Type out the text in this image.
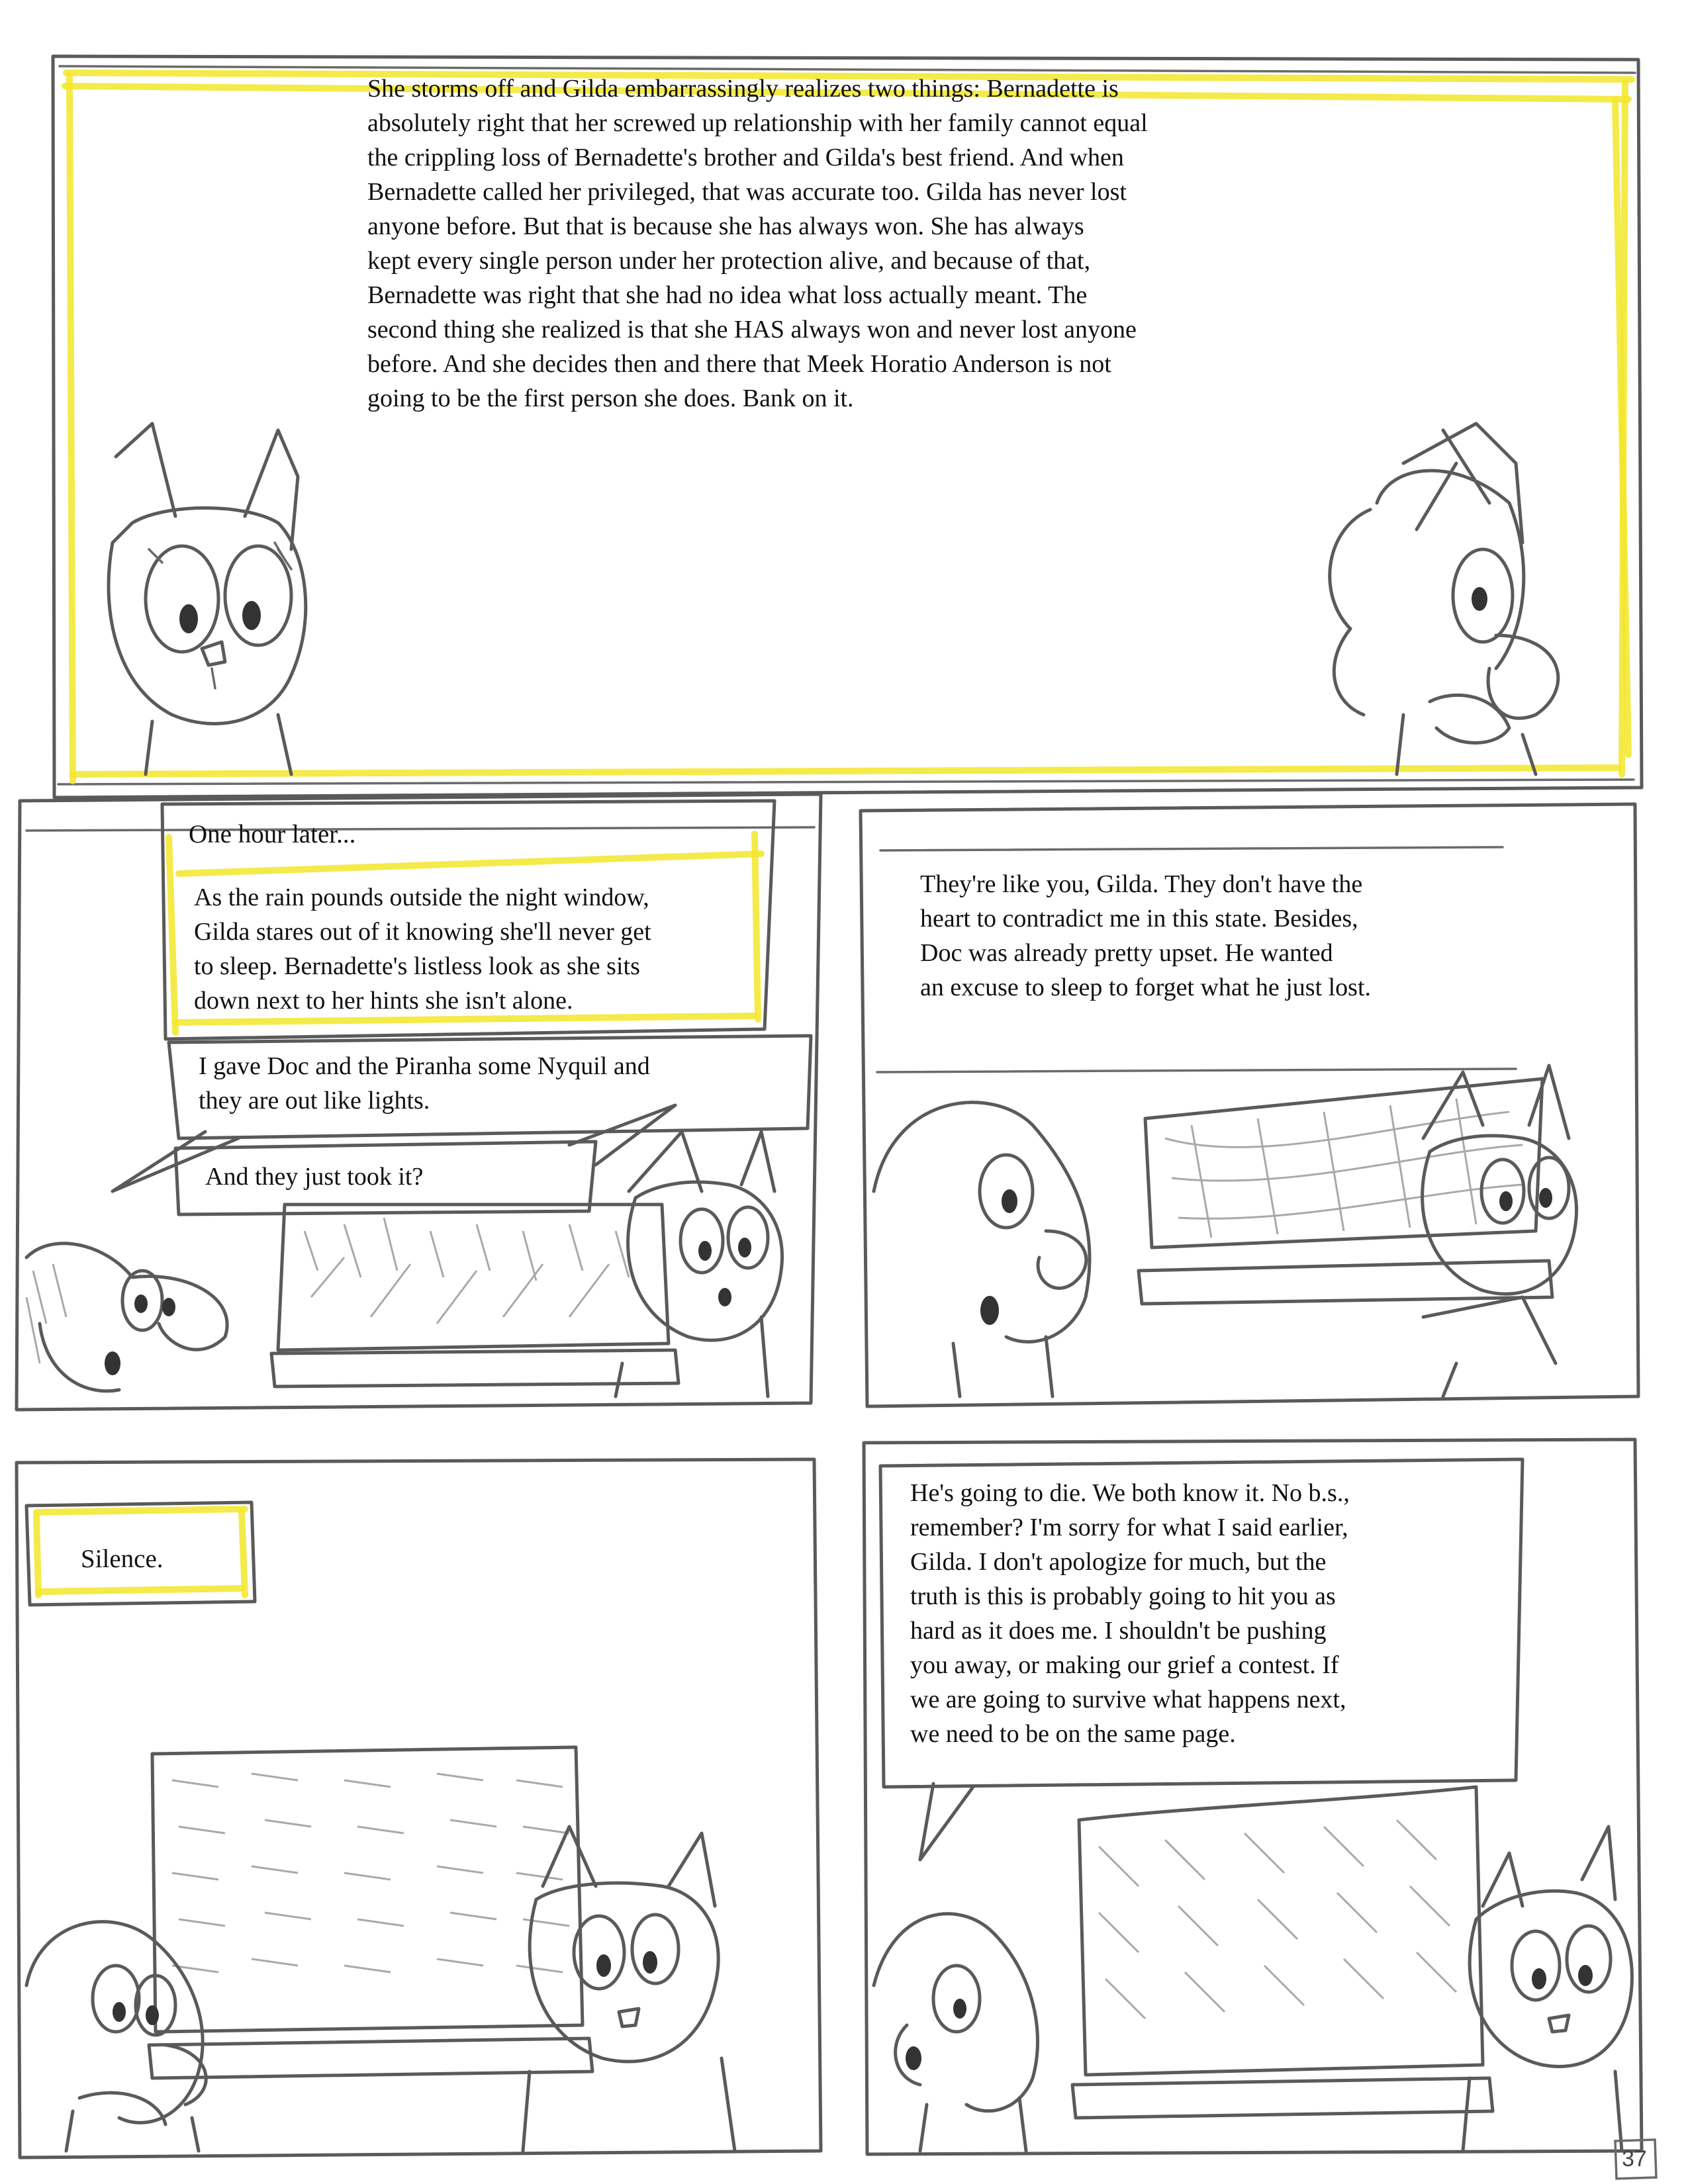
She storms off and Gilda embarrassingly realizes two things: Bernadette is
absolutely right that her screwed up relationship with her family cannot equal
the crippling loss of Bernadette's brother and Gilda's best friend. And when
Bernadette called her privileged, that was accurate too. Gilda has never lost
anyone before. But that is because she has always won. She has always
kept every single person under her protection alive, and because of that,
Bernadette was right that she had no idea what loss actually meant. The
second thing she realized is that she HAS always won and never lost anyone
before. And she decides then and there that Meek Horatio Anderson is not
going to be the first person she does. Bank on it.
One hour later...
As the rain pounds outside the night window,
Gilda stares out of it knowing she'll never get
to sleep. Bernadette's listless look as she sits
down next to her hints she isn't alone.
I gave Doc and the Piranha some Nyquil and
they are out like lights.
And they just took it?
They're like you, Gilda. They don't have the
heart to contradict me in this state. Besides,
Doc was already pretty upset. He wanted
an excuse to sleep to forget what he just lost.
Silence.
He's going to die. We both know it. No b.s.,
remember? I'm sorry for what I said earlier,
Gilda. I don't apologize for much, but the
truth is this is probably going to hit you as
hard as it does me. I shouldn't be pushing
you away, or making our grief a contest. If
we are going to survive what happens next,
we need to be on the same page.
37
